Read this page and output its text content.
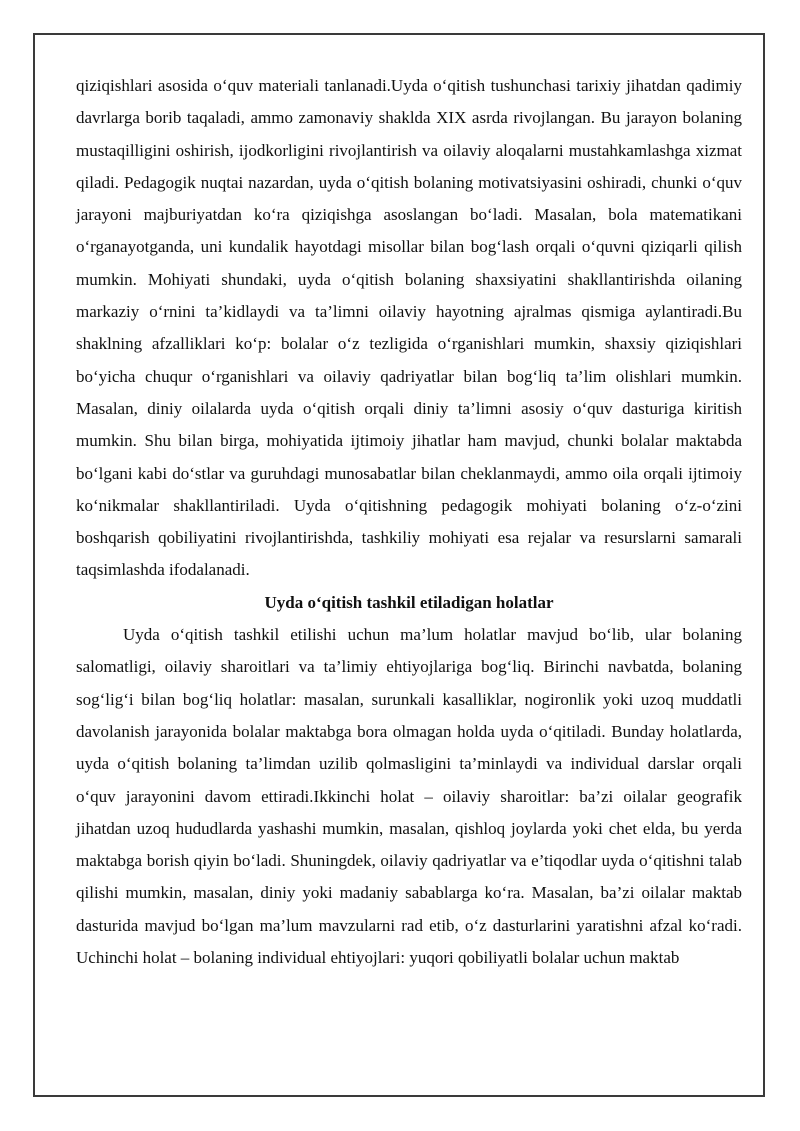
qiziqishlari asosida o‘quv materiali tanlanadi.Uyda o‘qitish tushunchasi tarixiy jihatdan qadimiy davrlarga borib taqaladi, ammo zamonaviy shaklda XIX asrda rivojlangan. Bu jarayon bolaning mustaqilligini oshirish, ijodkorligini rivojlantirish va oilaviy aloqalarni mustahkamlashga xizmat qiladi. Pedagogik nuqtai nazardan, uyda o‘qitish bolaning motivatsiyasini oshiradi, chunki o‘quv jarayoni majburiyatdan ko‘ra qiziqishga asoslangan bo‘ladi. Masalan, bola matematikani o‘rganayotganda, uni kundalik hayotdagi misollar bilan bog‘lash orqali o‘quvni qiziqarli qilish mumkin. Mohiyati shundaki, uyda o‘qitish bolaning shaxsiyatini shakllantirishda oilaning markaziy o‘rnini ta’kidlaydi va ta’limni oilaviy hayotning ajralmas qismiga aylantiradi.Bu shaklning afzalliklari ko‘p: bolalar o‘z tezligida o‘rganishlari mumkin, shaxsiy qiziqishlari bo‘yicha chuqur o‘rganishlari va oilaviy qadriyatlar bilan bog‘liq ta’lim olishlari mumkin. Masalan, diniy oilalarda uyda o‘qitish orqali diniy ta’limni asosiy o‘quv dasturiga kiritish mumkin. Shu bilan birga, mohiyatida ijtimoiy jihatlar ham mavjud, chunki bolalar maktabda bo‘lgani kabi do‘stlar va guruhdagi munosabatlar bilan cheklanmaydi, ammo oila orqali ijtimoiy ko‘nikmalar shakllantiriladi. Uyda o‘qitishning pedagogik mohiyati bolaning o‘z-o‘zini boshqarish qobiliyatini rivojlantirishda, tashkiliy mohiyati esa rejalar va resurslarni samarali taqsimlashda ifodalanadi.

Uyda o‘qitish tashkil etiladigan holatlar

Uyda o‘qitish tashkil etilishi uchun ma’lum holatlar mavjud bo‘lib, ular bolaning salomatligi, oilaviy sharoitlari va ta’limiy ehtiyojlariga bog‘liq. Birinchi navbatda, bolaning sog‘lig‘i bilan bog‘liq holatlar: masalan, surunkali kasalliklar, nogironlik yoki uzoq muddatli davolanish jarayonida bolalar maktabga bora olmagan holda uyda o‘qitiladi. Bunday holatlarda, uyda o‘qitish bolaning ta’limdan uzilib qolmasligini ta’minlaydi va individual darslar orqali o‘quv jarayonini davom ettiradi.Ikkinchi holat – oilaviy sharoitlar: ba’zi oilalar geografik jihatdan uzoq hududlarda yashashi mumkin, masalan, qishloq joylarda yoki chet elda, bu yerda maktabga borish qiyin bo‘ladi. Shuningdek, oilaviy qadriyatlar va e’tiqodlar uyda o‘qitishni talab qilishi mumkin, masalan, diniy yoki madaniy sabablarga ko‘ra. Masalan, ba’zi oilalar maktab dasturida mavjud bo‘lgan ma’lum mavzularni rad etib, o‘z dasturlarini yaratishni afzal ko‘radi. Uchinchi holat – bolaning individual ehtiyojlari: yuqori qobiliyatli bolalar uchun maktab
